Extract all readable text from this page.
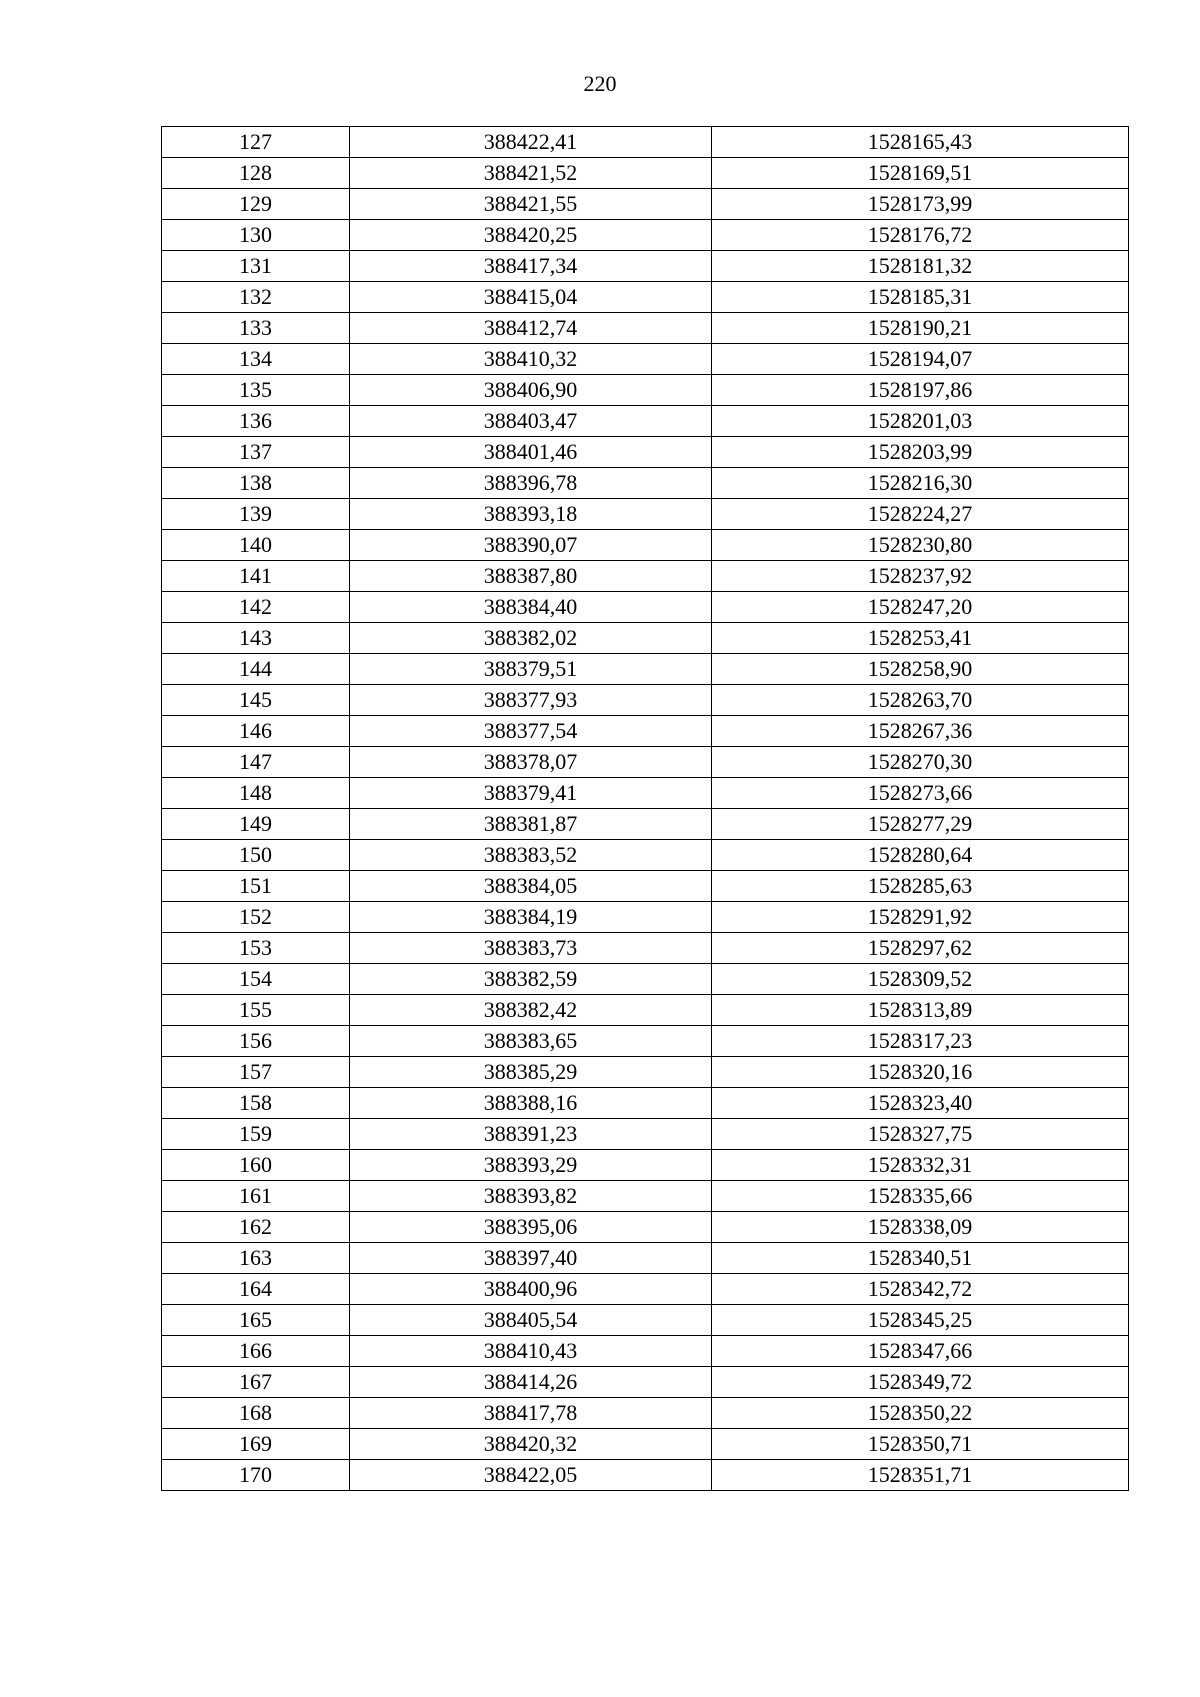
220
127	388422,41	1528165,43
128	388421,52	1528169,51
129	388421,55	1528173,99
130	388420,25	1528176,72
131	388417,34	1528181,32
132	388415,04	1528185,31
133	388412,74	1528190,21
134	388410,32	1528194,07
135	388406,90	1528197,86
136	388403,47	1528201,03
137	388401,46	1528203,99
138	388396,78	1528216,30
139	388393,18	1528224,27
140	388390,07	1528230,80
141	388387,80	1528237,92
142	388384,40	1528247,20
143	388382,02	1528253,41
144	388379,51	1528258,90
145	388377,93	1528263,70
146	388377,54	1528267,36
147	388378,07	1528270,30
148	388379,41	1528273,66
149	388381,87	1528277,29
150	388383,52	1528280,64
151	388384,05	1528285,63
152	388384,19	1528291,92
153	388383,73	1528297,62
154	388382,59	1528309,52
155	388382,42	1528313,89
156	388383,65	1528317,23
157	388385,29	1528320,16
158	388388,16	1528323,40
159	388391,23	1528327,75
160	388393,29	1528332,31
161	388393,82	1528335,66
162	388395,06	1528338,09
163	388397,40	1528340,51
164	388400,96	1528342,72
165	388405,54	1528345,25
166	388410,43	1528347,66
167	388414,26	1528349,72
168	388417,78	1528350,22
169	388420,32	1528350,71
170	388422,05	1528351,71
